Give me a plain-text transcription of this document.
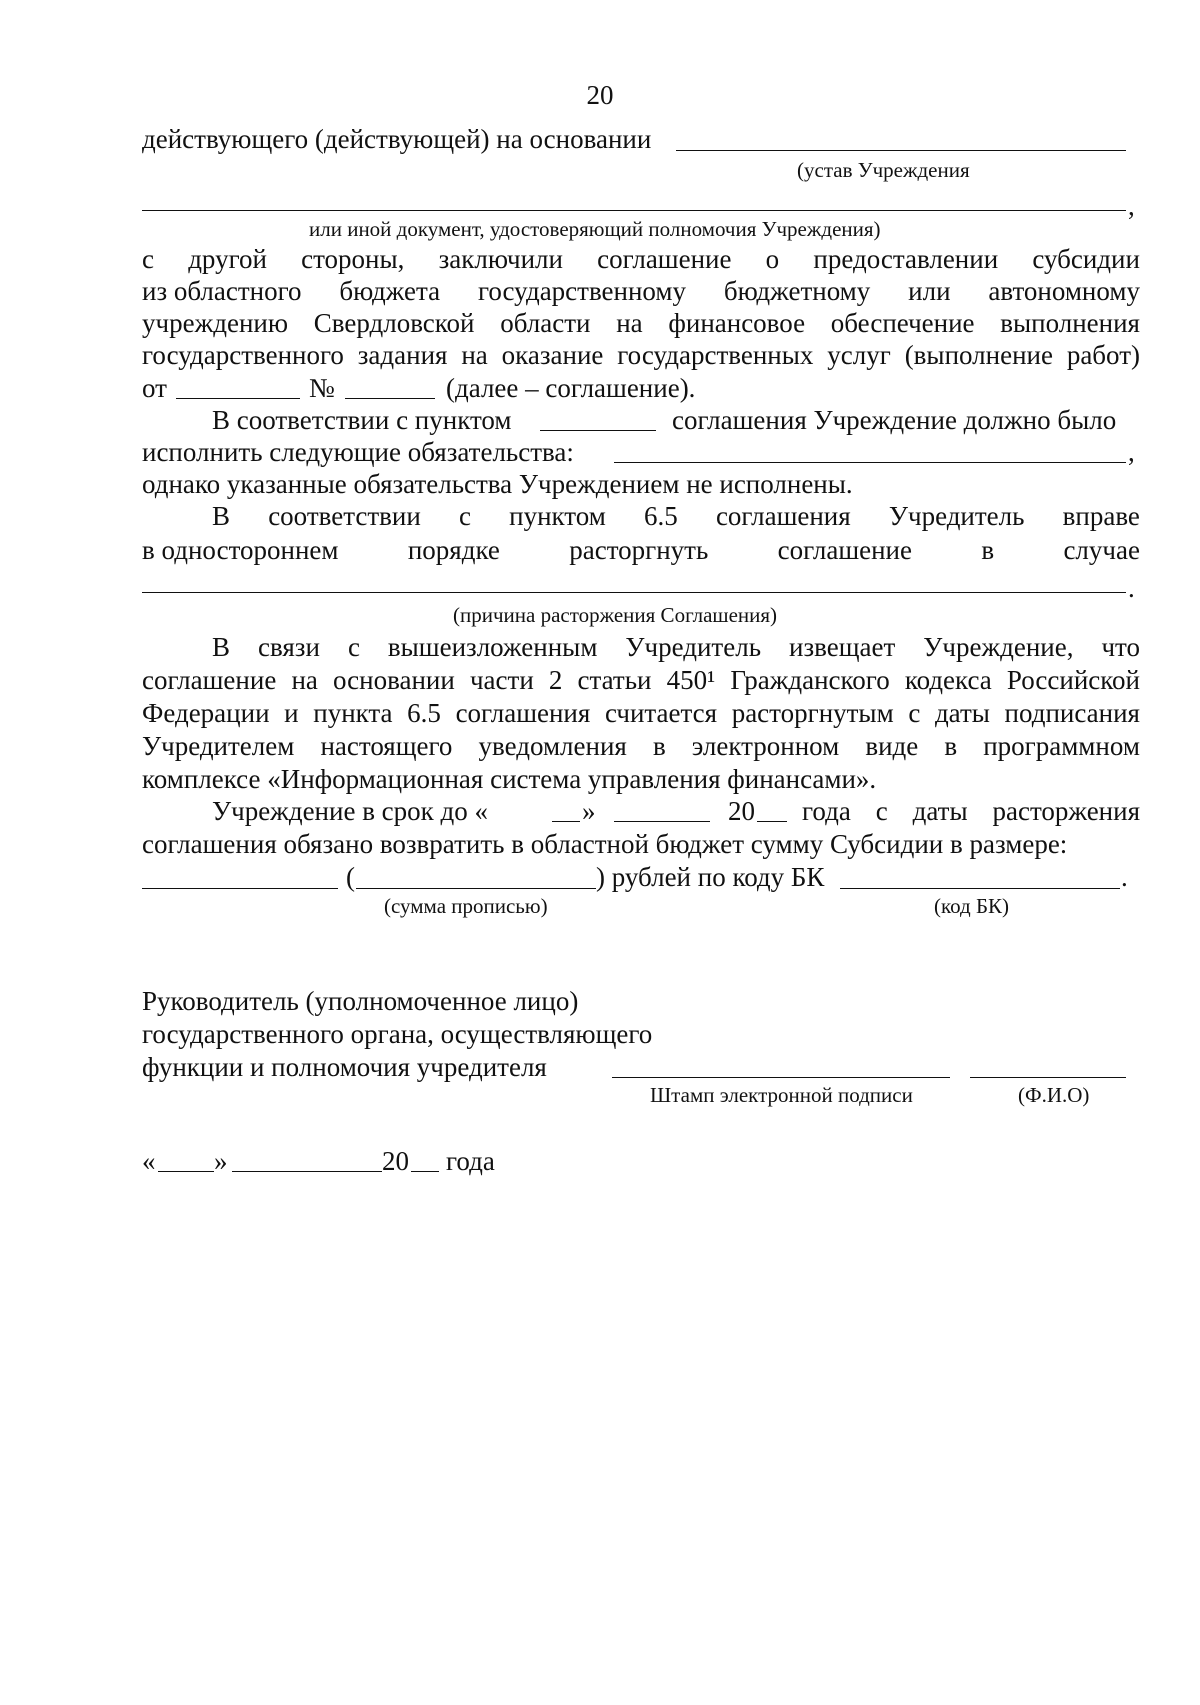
20
действующего (действующей) на основании
(устав Учреждения
,
или иной документ, удостоверяющий полномочия Учреждения)
с другой стороны, заключили соглашение о предоставлении субсидии
из областного бюджета государственному бюджетному или автономному
учреждению Свердловской области на финансовое обеспечение выполнения
государственного задания на оказание государственных услуг (выполнение работ)
от	№	(далее – соглашение).
В соответствии с пунктом	соглашения Учреждение должно было
исполнить следующие обязательства:	,
однако указанные обязательства Учреждением не исполнены.
В соответствии с пунктом 6.5 соглашения Учредитель вправе
в одностороннем	порядке	расторгнуть	соглашение	в	случае
.
(причина расторжения Соглашения)
В связи с вышеизложенным Учредитель извещает Учреждение, что
соглашение на основании части 2 статьи 450¹ Гражданского кодекса Российской
Федерации и пункта 6.5 соглашения считается расторгнутым с даты подписания
Учредителем настоящего уведомления в электронном виде в программном
комплексе «Информационная система управления финансами».
Учреждение в срок до «	»	20 года с даты расторжения
соглашения обязано возвратить в областной бюджет сумму Субсидии в размере:
(	) рублей по коду БК	.
(сумма прописью)	(код БК)
Руководитель (уполномоченное лицо)
государственного органа, осуществляющего
функции и полномочия учредителя
Штамп электронной подписи	(Ф.И.О)
« »	20 года
